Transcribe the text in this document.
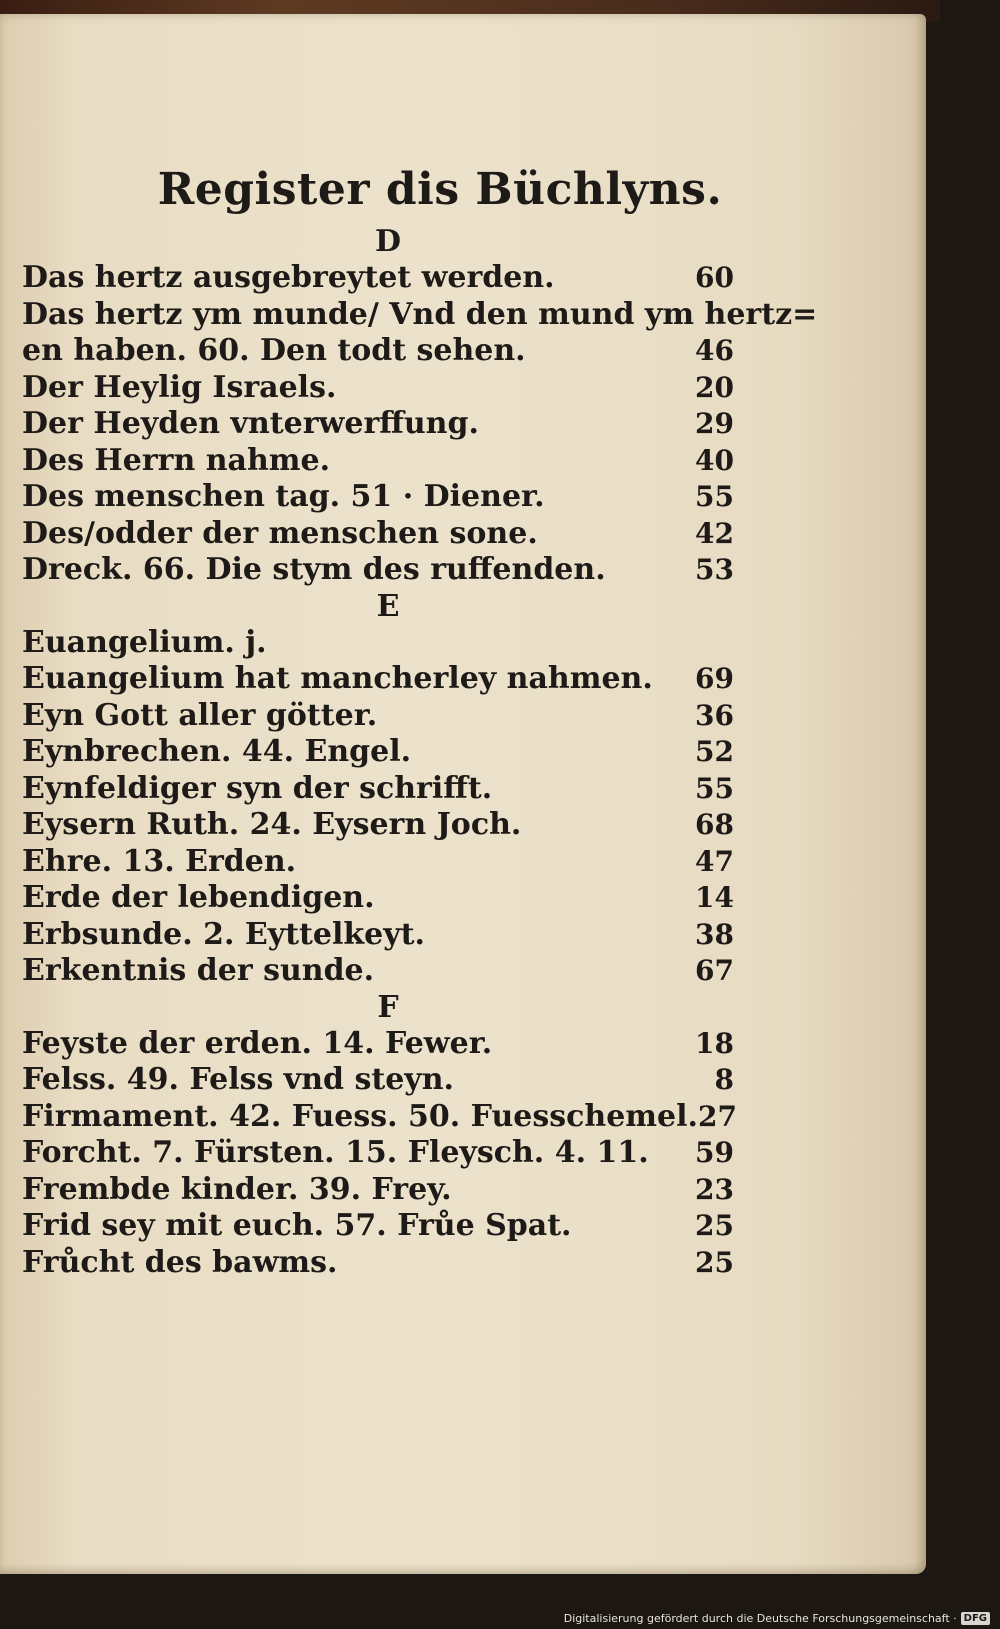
Register dis Büchlyns.
D
Das hertz ausgebreytet werden.	60
Das hertz ym munde/ Vnd den mund ym hertz=
en haben. 60. Den todt sehen.	46
Der Heylig Israels.	20
Der Heyden vnterwerffung.	29
Des Herrn nahme.	40
Des menschen tag. 51 · Diener.	55
Des/odder der menschen sone.	42
Dreck. 66. Die stym des ruffenden.	53
E
Euangelium. j.
Euangelium hat mancherley nahmen.	69
Eyn Gott aller götter.	36
Eynbrechen. 44. Engel.	52
Eynfeldiger syn der schrifft.	55
Eysern Ruth. 24. Eysern Joch.	68
Ehre. 13. Erden.	47
Erde der lebendigen.	14
Erbsunde. 2. Eyttelkeyt.	38
Erkentnis der sunde.	67
F
Feyste der erden. 14. Fewer.	18
Felss. 49. Felss vnd steyn.	8
Firmament. 42. Fuess. 50. Fuesschemel. 27
Forcht. 7. Fürsten. 15. Fleysch. 4. 11.	59
Frembde kinder. 39. Frey.	23
Frid sey mit euch. 57. Frůe Spat.	25
Frůcht des bawms.	25
Digitalisierung gefördert durch die Deutsche Forschungsgemeinschaft · DFG
